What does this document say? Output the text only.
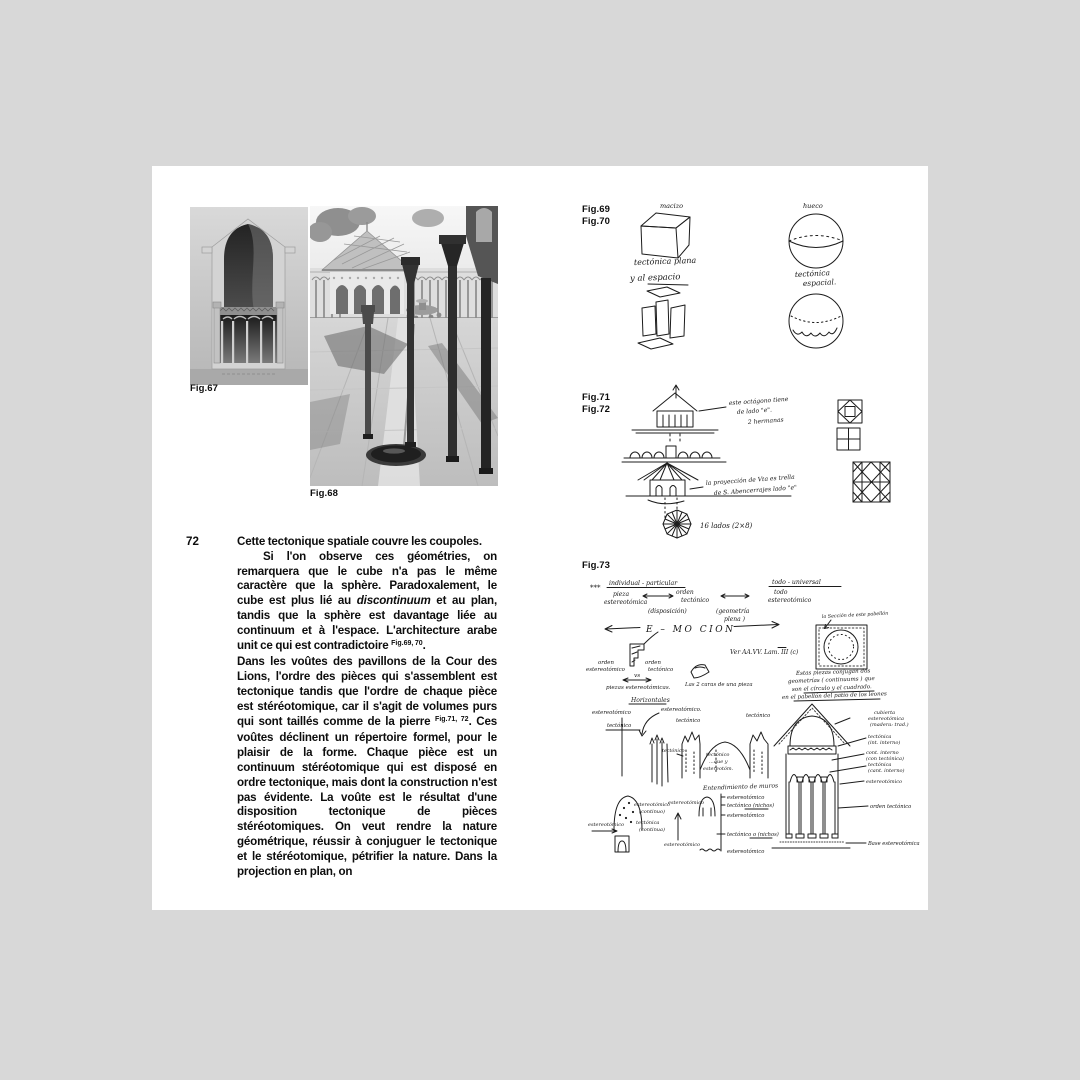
Fig.67
Fig.68
72	Cette tectonique spatiale couvre les coupoles.

Si l'on observe ces géométries, on remarquera que le cube n'a pas le même caractère que la sphère. Paradoxalement, le cube est plus lié au discontinuum et au plan, tandis que la sphère est davantage liée au continuum et à l'espace. L'architecture arabe unit ce qui est contradictoire $^{Fig.69, 70}$.

Dans les voûtes des pavillons de la Cour des Lions, l'ordre des pièces qui s'assemblent est tectonique tandis que l'ordre de chaque pièce est stéréotomique, car il s'agit de volumes purs qui sont taillés comme de la pierre $^{Fig.71, 72}$. Ces voûtes déclinent un répertoire formel, pour le plaisir de la forme. Chaque pièce est un continuum stéréotomique qui est disposé en ordre tectonique, mais dont la construction n'est pas évidente. La voûte est le résultat d'une disposition tectonique de pièces stéréotomiques. On veut rendre la nature géométrique, réussir à conjuguer le tectonique et le stéréotomique, pétrifier la nature. Dans la projection en plan, on

Fig.69
Fig.70
macizo
tectónica plana
y al espacio
hueco
tectónica
espacial.
Fig.71
Fig.72
este octágono tiene
de lado "e".
2 hermanas
la proyección de Vta es trella
de S. Abencerrajes lado "e"
16 lados (2×8)
Fig.73
***
individual - particular
pieza
estereotómica
orden
tectónico
(disposición)	(geometría
plena )
todo - universal
todo
estereotómico
E – MO CION
orden
estereotómico
orden
tectónico
vs
piezas estereotómicas.	Las 2 caras de una pieza
Ver AA.VV. Lam. III (c)
la Sección de este pabellón
Estas piezas conjugan dos
geometrías ( continuums ) que
son el círculo y el cuadrado.
en el pabellón del patio de los leones
Horizontales
estereotómico.
estereotómico
tectónico
tectónico
tectónico
tectónico
...que y
estereotóm.
tectónico
Entendimiento de muros
estereotómico
(continuo)
tectónica
(continua)
estereotómico
estereotómico
estereotómico
estereotómico
tectónico (nichos)
estereotómico
tectónico o (nichos)
estereotómico
cubierta
estereotómica
(madera: trad.)
tectónica
(int. interno)
cont. interno
(con tectónica)
tectónica
(cant. interno)
estereotómico
orden tectónico
Base estereotómica
